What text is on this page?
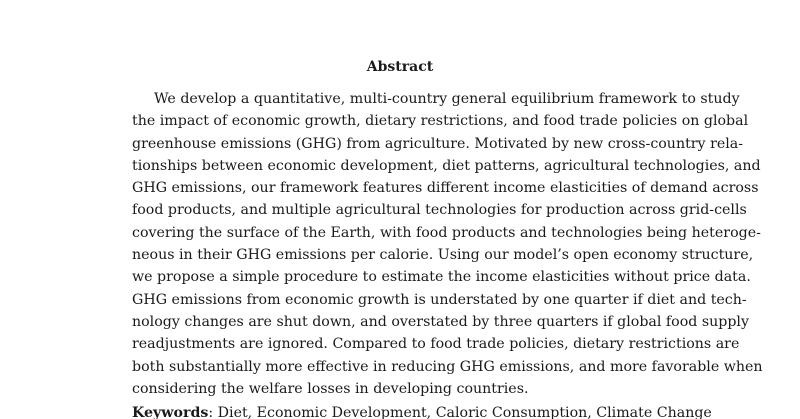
Abstract
We develop a quantitative, multi-country general equilibrium framework to study
the impact of economic growth, dietary restrictions, and food trade policies on global
greenhouse emissions (GHG) from agriculture. Motivated by new cross-country rela-
tionships between economic development, diet patterns, agricultural technologies, and
GHG emissions, our framework features different income elasticities of demand across
food products, and multiple agricultural technologies for production across grid-cells
covering the surface of the Earth, with food products and technologies being heteroge-
neous in their GHG emissions per calorie. Using our model’s open economy structure,
we propose a simple procedure to estimate the income elasticities without price data.
GHG emissions from economic growth is understated by one quarter if diet and tech-
nology changes are shut down, and overstated by three quarters if global food supply
readjustments are ignored. Compared to food trade policies, dietary restrictions are
both substantially more effective in reducing GHG emissions, and more favorable when
considering the welfare losses in developing countries.
Keywords: Diet, Economic Development, Caloric Consumption, Climate Change
